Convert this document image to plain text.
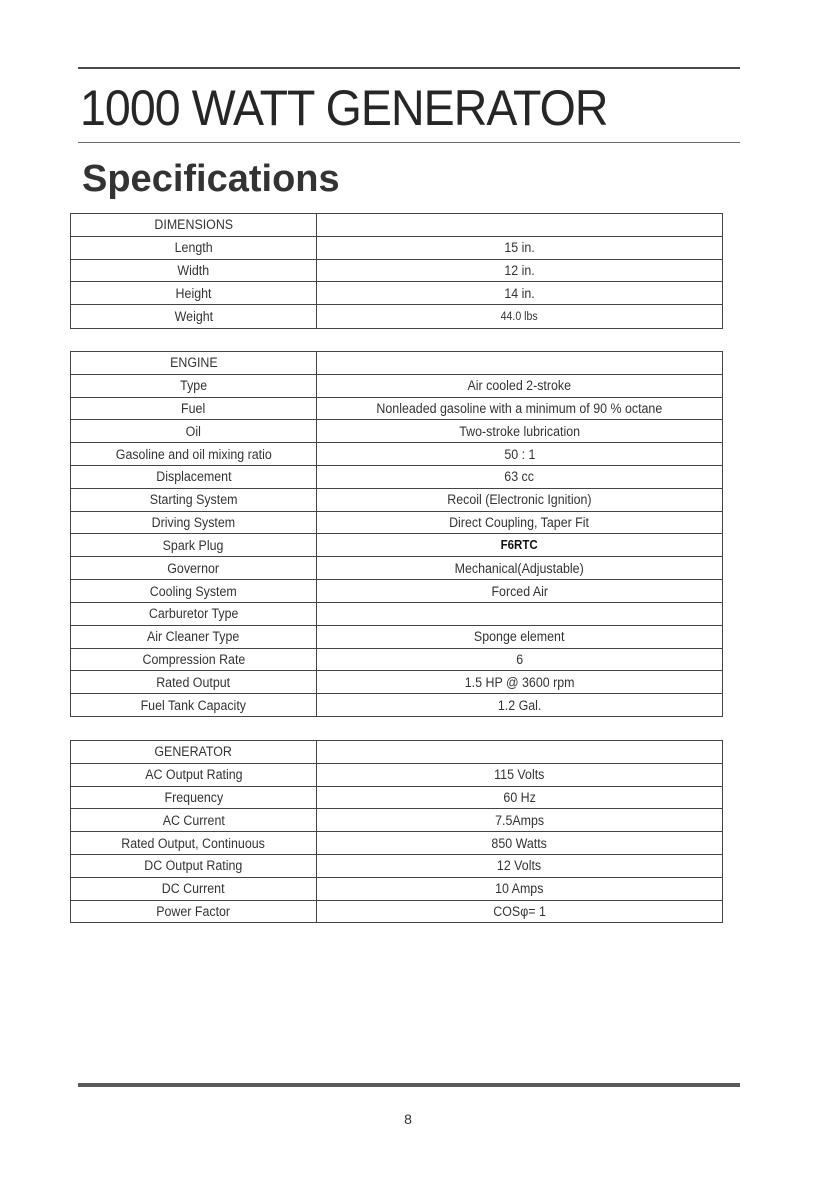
1000 WATT GENERATOR
Specifications
DIMENSIONS	
Length	15 in.
Width	12 in.
Height	14 in.
Weight	44.0 lbs
ENGINE	
Type	Air cooled 2-stroke
Fuel	Nonleaded gasoline with a minimum of 90 % octane
Oil	Two-stroke lubrication
Gasoline and oil mixing ratio	50 : 1
Displacement	63 cc
Starting System	Recoil (Electronic Ignition)
Driving System	Direct Coupling, Taper Fit
Spark Plug	F6RTC
Governor	Mechanical(Adjustable)
Cooling System	Forced Air
Carburetor Type	
Air Cleaner Type	Sponge element
Compression Rate	6
Rated Output	1.5 HP @ 3600 rpm
Fuel Tank Capacity	1.2 Gal.
GENERATOR	
AC Output Rating	115 Volts
Frequency	60 Hz
AC Current	7.5Amps
Rated Output, Continuous	850 Watts
DC Output Rating	12 Volts
DC Current	10 Amps
Power Factor	COSφ= 1
8
